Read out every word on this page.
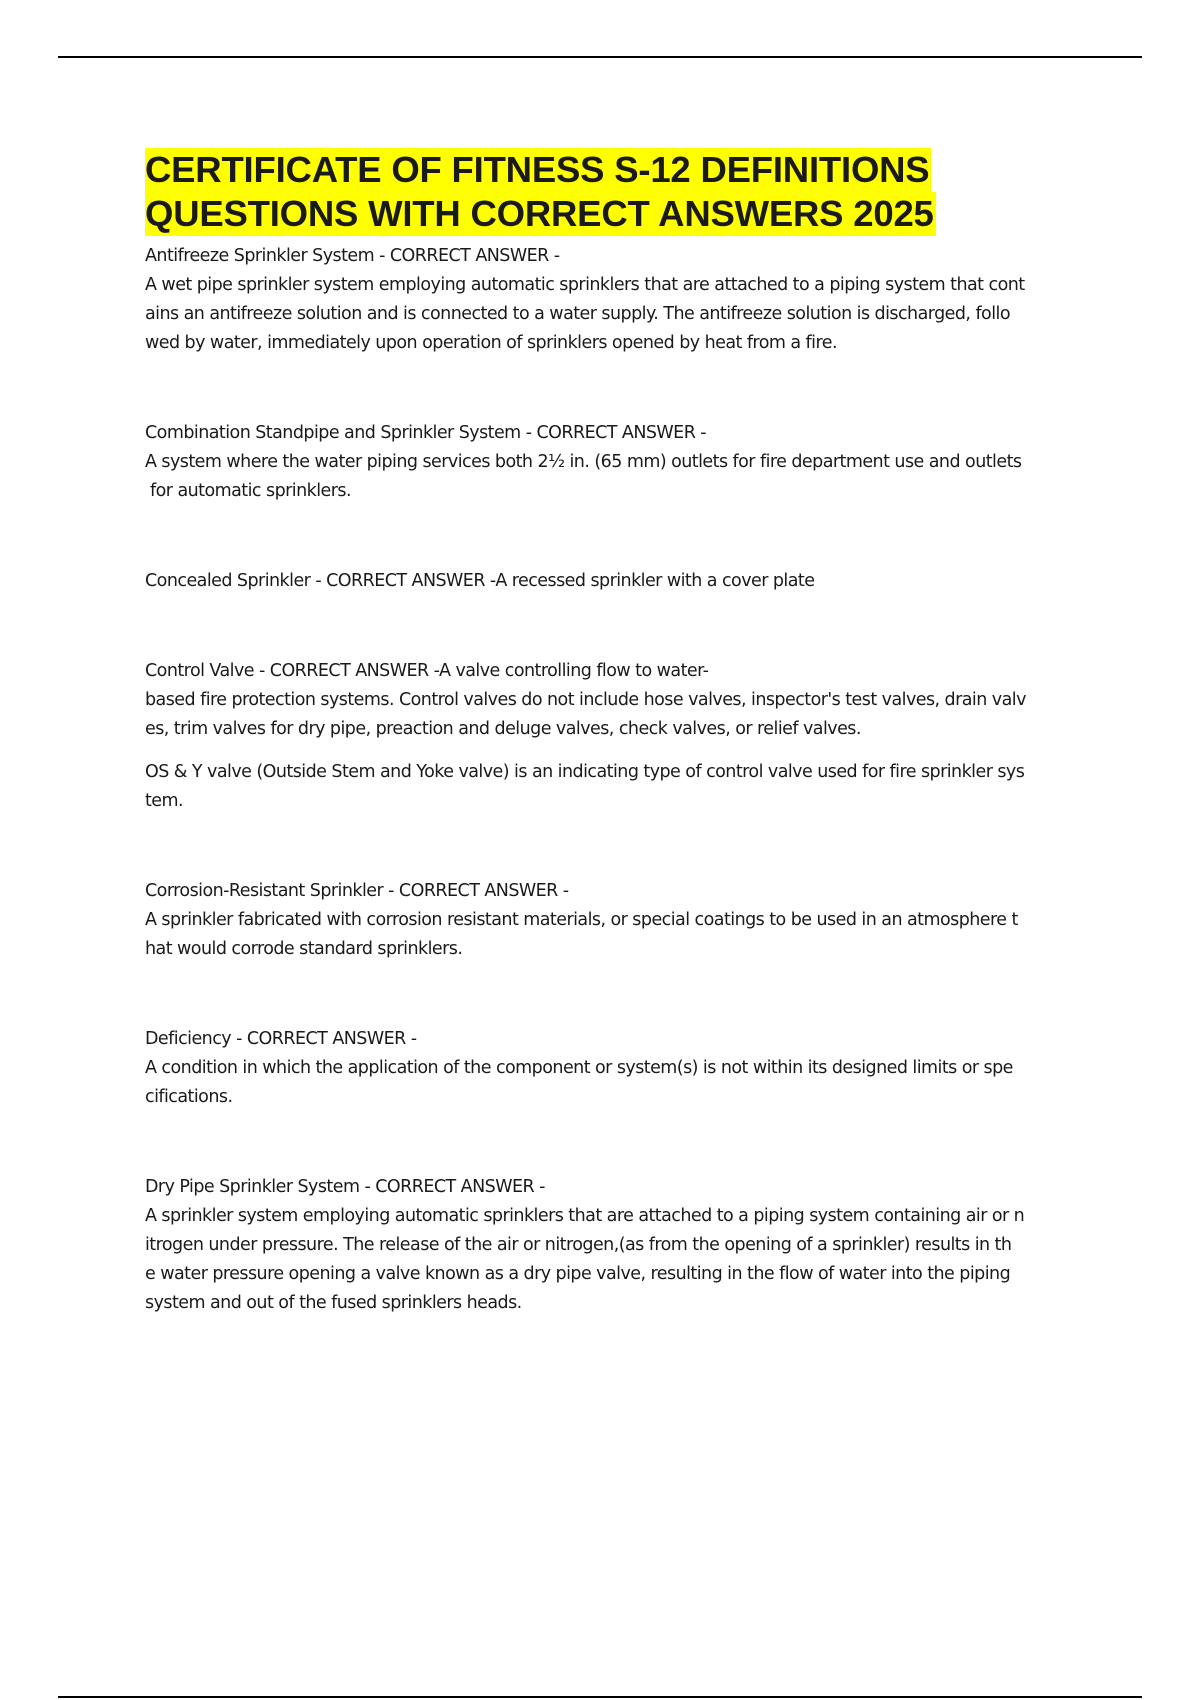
CERTIFICATE OF FITNESS S-12 DEFINITIONS
QUESTIONS WITH CORRECT ANSWERS 2025
Antifreeze Sprinkler System - CORRECT ANSWER -
A wet pipe sprinkler system employing automatic sprinklers that are attached to a piping system that cont
ains an antifreeze solution and is connected to a water supply. The antifreeze solution is discharged, follo
wed by water, immediately upon operation of sprinklers opened by heat from a fire.
Combination Standpipe and Sprinkler System - CORRECT ANSWER -
A system where the water piping services both 2½ in. (65 mm) outlets for fire department use and outlets
for automatic sprinklers.
Concealed Sprinkler - CORRECT ANSWER -A recessed sprinkler with a cover plate
Control Valve - CORRECT ANSWER -A valve controlling flow to water-
based fire protection systems. Control valves do not include hose valves, inspector's test valves, drain valv
es, trim valves for dry pipe, preaction and deluge valves, check valves, or relief valves.
OS & Y valve (Outside Stem and Yoke valve) is an indicating type of control valve used for fire sprinkler sys
tem.
Corrosion-Resistant Sprinkler - CORRECT ANSWER -
A sprinkler fabricated with corrosion resistant materials, or special coatings to be used in an atmosphere t
hat would corrode standard sprinklers.
Deficiency - CORRECT ANSWER -
A condition in which the application of the component or system(s) is not within its designed limits or spe
cifications.
Dry Pipe Sprinkler System - CORRECT ANSWER -
A sprinkler system employing automatic sprinklers that are attached to a piping system containing air or n
itrogen under pressure. The release of the air or nitrogen,(as from the opening of a sprinkler) results in th
e water pressure opening a valve known as a dry pipe valve, resulting in the flow of water into the piping
system and out of the fused sprinklers heads.
